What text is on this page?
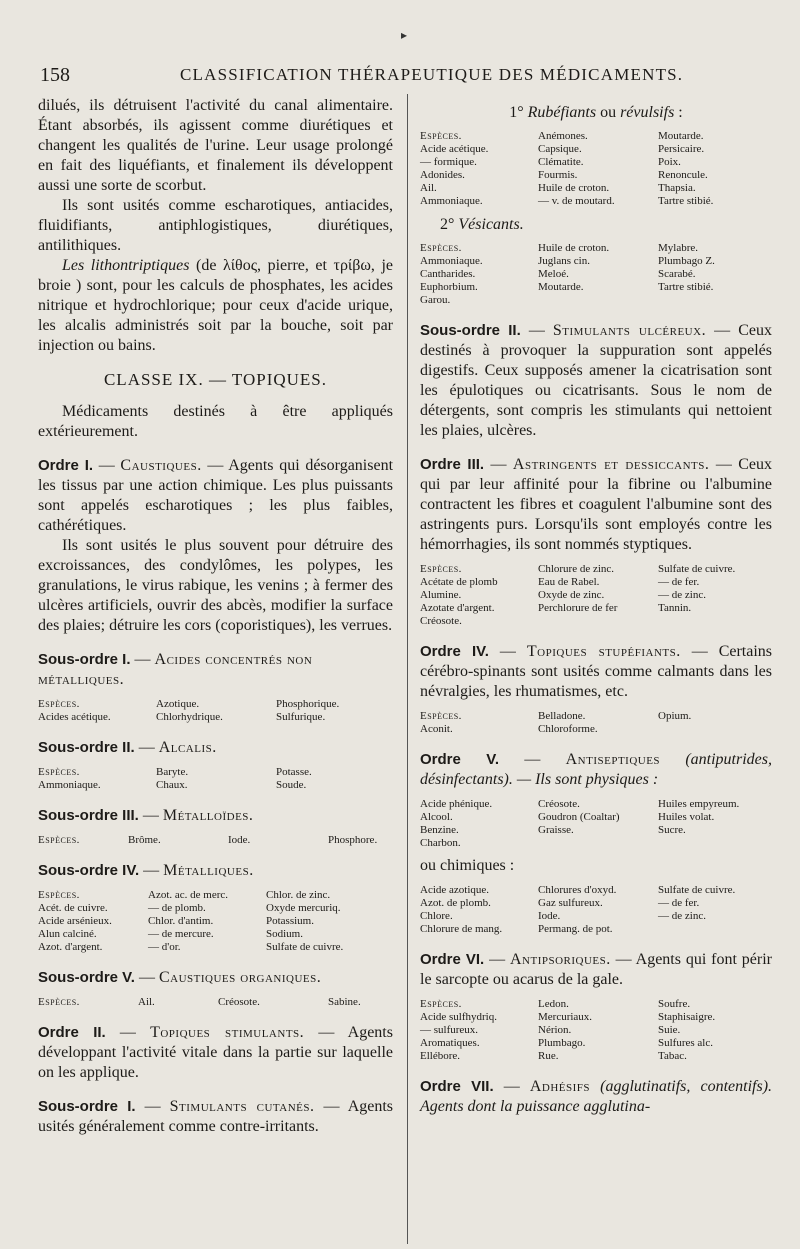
▸
158	CLASSIFICATION THÉRAPEUTIQUE DES MÉDICAMENTS.

dilués, ils détruisent l'activité du canal alimentaire. Étant absorbés, ils agissent comme diurétiques et changent les qualités de l'urine. Leur usage prolongé en fait des liquéfiants, et finalement ils développent aussi une sorte de scorbut.

Ils sont usités comme escharotiques, antiacides, fluidifiants, antiphlogistiques, diurétiques, antilithiques.

Les lithontriptiques (de λίθος, pierre, et τρίβω, je broie ) sont, pour les calculs de phosphates, les acides nitrique et hydrochlorique; pour ceux d'acide urique, les alcalis administrés soit par la bouche, soit par injection ou bains.

CLASSE IX. — TOPIQUES.

Médicaments destinés à être appliqués extérieurement.

Ordre I. — Caustiques. — Agents qui désorganisent les tissus par une action chimique. Les plus puissants sont appelés escharotiques ; les plus faibles, cathérétiques.

Ils sont usités le plus souvent pour détruire des excroissances, des condylômes, les polypes, les granulations, le virus rabique, les venins ; à fermer des ulcères artificiels, ouvrir des abcès, modifier la surface des plaies; détruire les cors (coporistiques), les verrues.

Sous-ordre I. — Acides concentrés non métalliques.
Espèces.	Azotique.	Phosphorique.
Acides acétique.	Chlorhydrique.	Sulfurique.
Sous-ordre II. — Alcalis.
Espèces.	Baryte.	Potasse.
Ammoniaque.	Chaux.	Soude.
Sous-ordre III. — Métalloïdes.
Espèces.	Brôme.	Iode.	Phosphore.
Sous-ordre IV. — Métalliques.
Espèces.	Azot. ac. de merc.	Chlor. de zinc.
Acét. de cuivre.	— de plomb.	Oxyde mercuriq.
Acide arsénieux.	Chlor. d'antim.	Potassium.
Alun calciné.	— de mercure.	Sodium.
Azot. d'argent.	— d'or.	Sulfate de cuivre.
Sous-ordre V. — Caustiques organiques.
Espèces.	Ail.	Créosote.	Sabine.
Ordre II. — Topiques stimulants. — Agents développant l'activité vitale dans la partie sur laquelle on les applique.
Sous-ordre I. — Stimulants cutanés. — Agents usités généralement comme contre-irritants.
1° Rubéfiants ou révulsifs :
Espèces.	Anémones.	Moutarde.
Acide acétique.	Capsique.	Persicaire.
— formique.	Clématite.	Poix.
Adonides.	Fourmis.	Renoncule.
Ail.	Huile de croton.	Thapsia.
Ammoniaque.	— v. de moutard.	Tartre stibié.
2° Vésicants.
Espèces.	Huile de croton.	Mylabre.
Ammoniaque.	Juglans cin.	Plumbago Z.
Cantharides.	Meloé.	Scarabé.
Euphorbium.	Moutarde.	Tartre stibié.
Garou.
Sous-ordre II. — Stimulants ulcéreux. — Ceux destinés à provoquer la suppuration sont appelés digestifs. Ceux supposés amener la cicatrisation sont les épulotiques ou cicatrisants. Sous le nom de détergents, sont compris les stimulants qui nettoient les plaies, ulcères.
Ordre III. — Astringents et dessiccants. — Ceux qui par leur affinité pour la fibrine ou l'albumine contractent les fibres et coagulent l'albumine sont des astringents purs. Lorsqu'ils sont employés contre les hémorrhagies, ils sont nommés styptiques.
Espèces.	Chlorure de zinc.	Sulfate de cuivre.
Acétate de plomb	Eau de Rabel.	— de fer.
Alumine.	Oxyde de zinc.	— de zinc.
Azotate d'argent.	Perchlorure de fer	Tannin.
Créosote.
Ordre IV. — Topiques stupéfiants. — Certains cérébro-spinants sont usités comme calmants dans les névralgies, les rhumatismes, etc.
Espèces.	Belladone.	Opium.
Aconit.	Chloroforme.
Ordre V. — Antiseptiques (antiputrides, désinfectants). — Ils sont physiques :
Acide phénique.	Créosote.	Huiles empyreum.
Alcool.	Goudron (Coaltar)	Huiles volat.
Benzine.	Graisse.	Sucre.
Charbon.

ou chimiques :

Acide azotique.	Chlorures d'oxyd.	Sulfate de cuivre.
Azot. de plomb.	Gaz sulfureux.	— de fer.
Chlore.	Iode.	— de zinc.
Chlorure de mang.	Permang. de pot.
Ordre VI. — Antipsoriques. — Agents qui font périr le sarcopte ou acarus de la gale.
Espèces.	Ledon.	Soufre.
Acide sulfhydriq.	Mercuriaux.	Staphisaigre.
— sulfureux.	Nérion.	Suie.
Aromatiques.	Plumbago.	Sulfures alc.
Ellébore.	Rue.	Tabac.
Ordre VII. — Adhésifs (agglutinatifs, contentifs). Agents dont la puissance agglutina-
